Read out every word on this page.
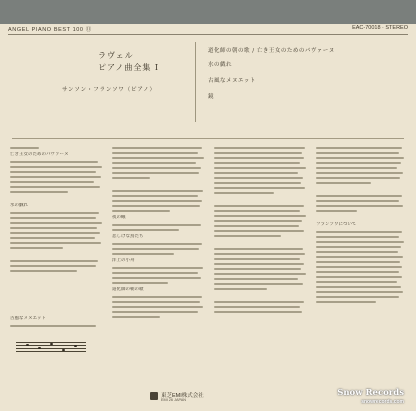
ANGEL PIANO BEST 100 ⑪	EAC-70018 · STEREO
ラヴェル
ピアノ曲全集 I
サンソン・フランソワ（ピアノ）
道化師の朝の歌 / 亡き王女のためのパヴァーヌ
水の戯れ
古風なメヌエット
鏡
亡き王女のためのパヴァーヌ
水の戯れ
古風なメヌエット
夜の蛾
悲しげな鳥たち
洋上の小舟
道化師の朝の歌
フランソワについて
東芝EMI株式会社
EMI 26 JAPAN
Snow Records
snowrecords.com
